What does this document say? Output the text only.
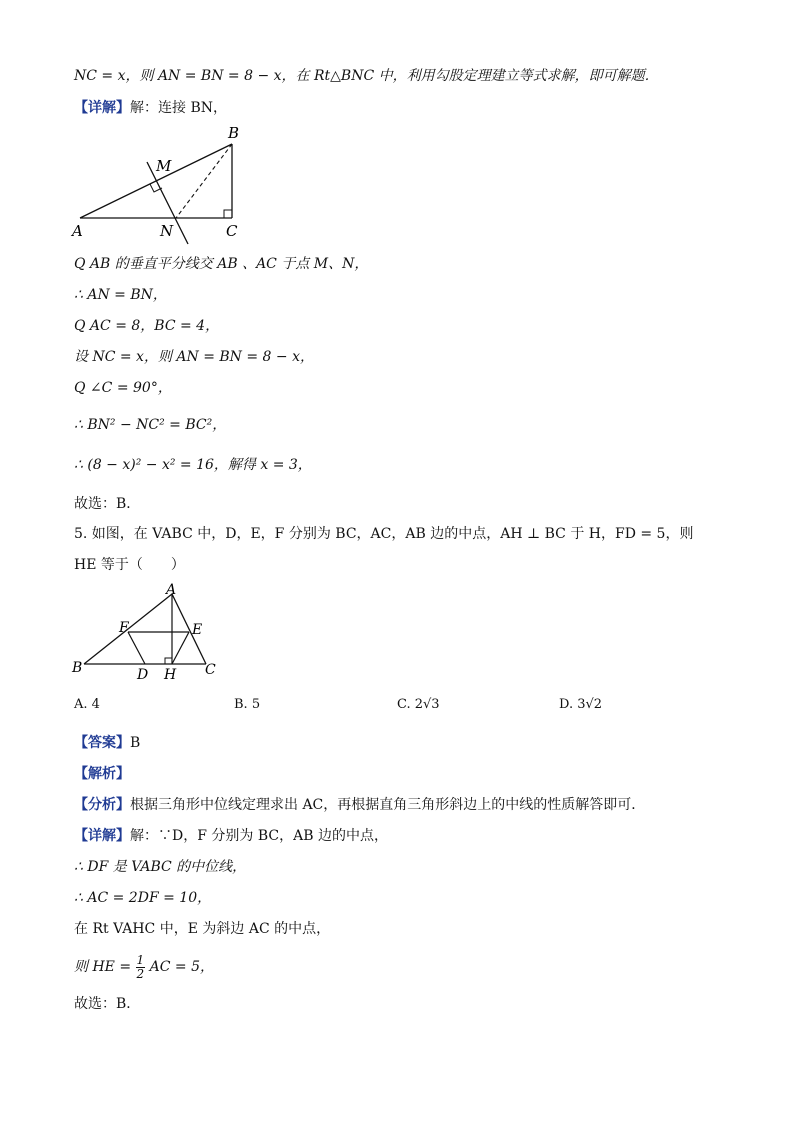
NC = x，则 AN = BN = 8 − x，在 Rt△BNC 中，利用勾股定理建立等式求解，即可解题．
【详解】解：连接 BN，
B
M
A	N	C
Q AB 的垂直平分线交 AB 、AC 于点 M、N，
∴ AN = BN，
Q AC = 8，BC = 4，
设 NC = x，则 AN = BN = 8 − x，
Q ∠C = 90°，
∴ BN² − NC² = BC²，
∴ (8 − x)² − x² = 16，解得 x = 3，
故选：B．
5. 如图，在 VABC 中，D，E，F 分别为 BC，AC，AB 边的中点，AH ⊥ BC 于 H，FD = 5，则
HE 等于（　　）
A
F	E
B	D H C
A. 4	B. 5	C. 2√3	D. 3√2
【答案】B
【解析】
【分析】根据三角形中位线定理求出 AC，再根据直角三角形斜边上的中线的性质解答即可．
【详解】解：∵D，F 分别为 BC，AB 边的中点，
∴ DF 是 VABC 的中位线，
∴ AC = 2DF = 10，
在 Rt VAHC 中，E 为斜边 AC 的中点，
则 HE = $\frac{1}{2}$ AC = 5，
故选：B．
